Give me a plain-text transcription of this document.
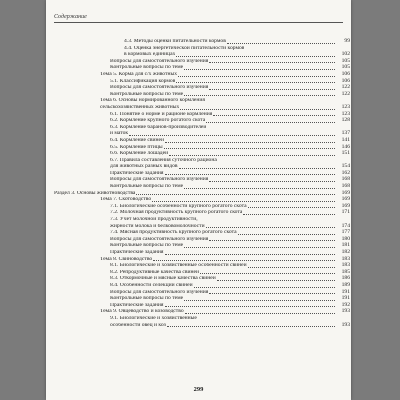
Содержание
4.3. Методы оценки питательности кормов	99
4.4. Оценка энергетической питательности кормов
в кормовых единицах	102
Вопросы для самостоятельного изучения	105
Контрольные вопросы по теме	105
Тема 5. Корма для с/х животных	106
5.1. Классификация кормов	106
Вопросы для самостоятельного изучения	122
Контрольные вопросы по теме	122
Тема 6. Основы нормированного кормления
сельскохозяйственных животных	123
6.1. Понятие о норме и рационе кормления	123
6.2. Кормление крупного рогатого скота	128
6.3. Кормление баранов-производителей
и маток	137
6.4. Кормление свиней	141
6.5. Кормление птицы	146
6.6. Кормление лошадей	151
6.7. Правила составления суточного рациона
для животных разных видов	154
Практические задания	162
Вопросы для самостоятельного изучения	168
Контрольные вопросы по теме	168
Раздел 3. Основы животноводства	169
Тема 7. Скотоводство	169
7.1. Биологические особенности крупного рогатого скота	169
7.2. Молочная продуктивность крупного рогатого скота	171
7.3. Учет молочной продуктивности,
жирности молока и белковомолочности	174
7.4. Мясная продуктивность крупного рогатого скота	177
Вопросы для самостоятельного изучения	180
Контрольные вопросы по теме	181
Практические задания	182
Тема 8. Свиноводство	183
8.1. Биологические и хозяйственные особенности свиней	183
8.2. Репродуктивные качества свиней	185
8.3. Откормочные и мясные качества свиней	186
8.4. Особенности селекции свиней	189
Вопросы для самостоятельного изучения	191
Контрольные вопросы по теме	191
Практические задания	192
Тема 9. Овцеводство и козоводство	193
9.1. Биологические и хозяйственные
особенности овец и коз	193
299
